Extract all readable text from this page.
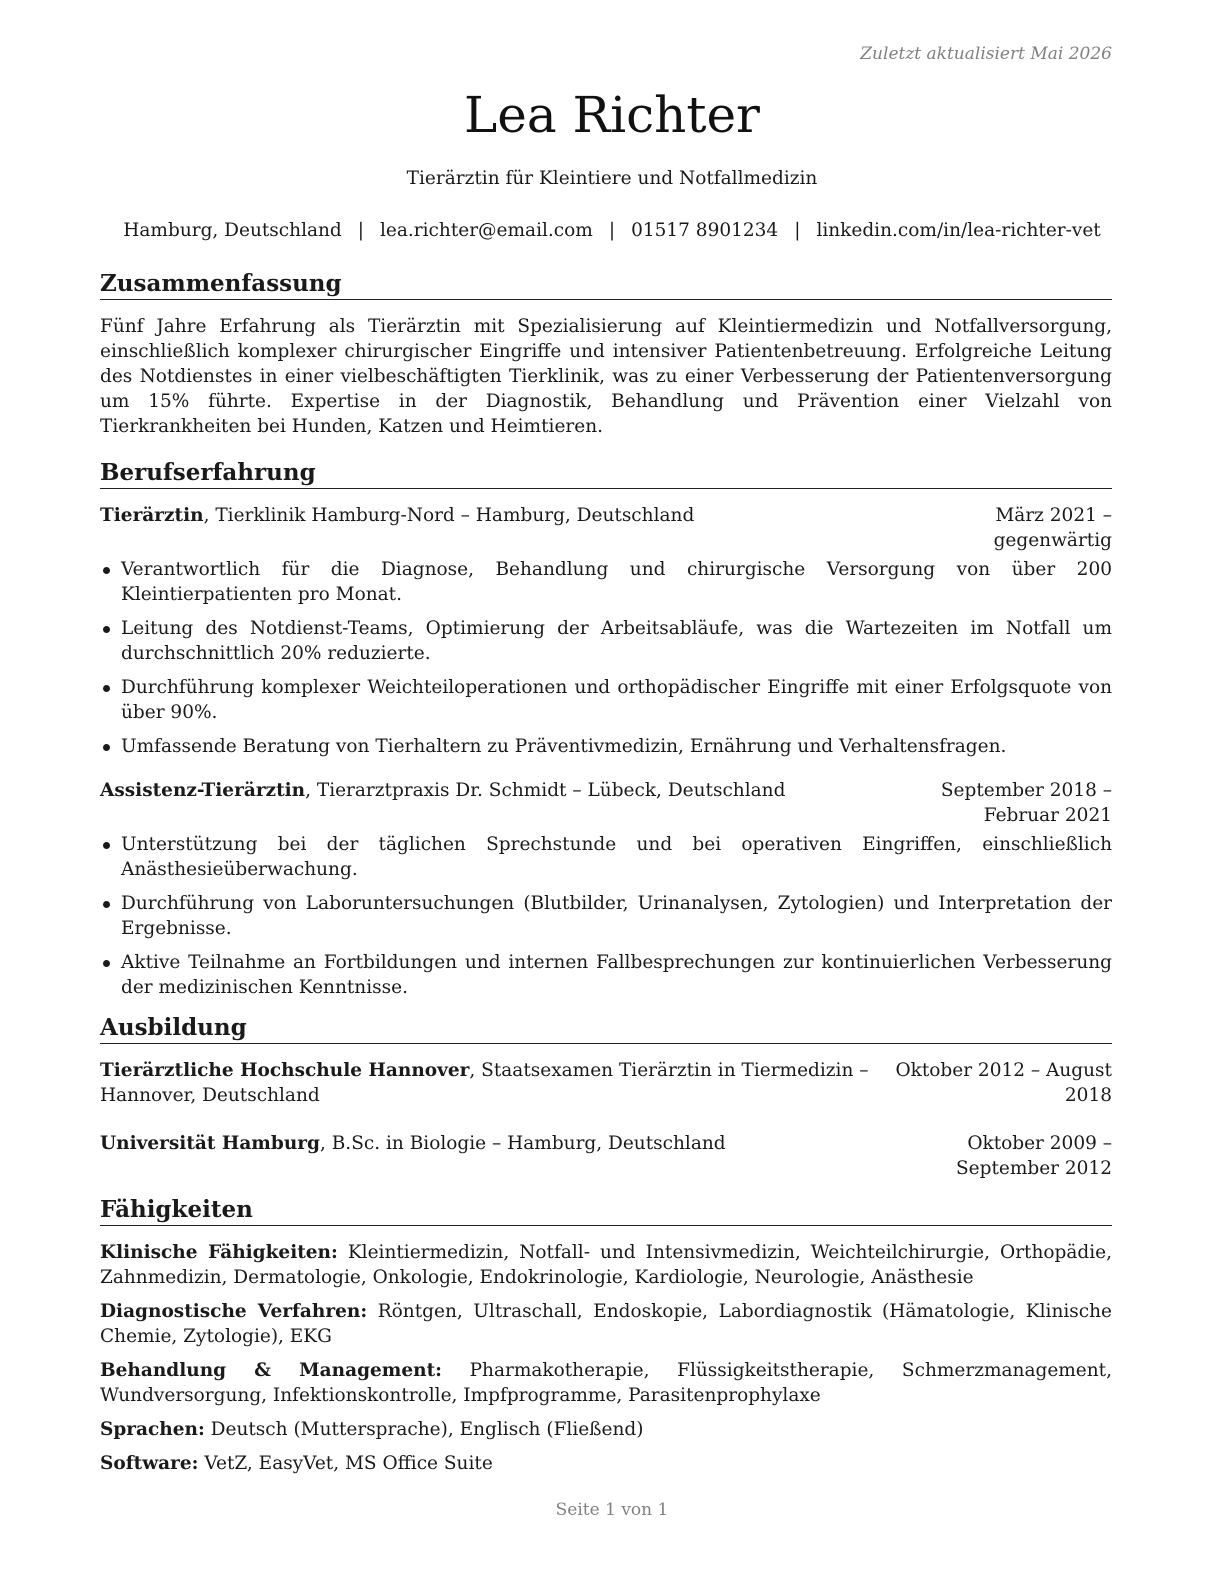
Zuletzt aktualisiert Mai 2026
Lea Richter
Tierärztin für Kleintiere und Notfallmedizin
Hamburg, Deutschland | lea.richter@email.com | 01517 8901234 | linkedin.com/in/lea-richter-vet
Zusammenfassung
Fünf Jahre Erfahrung als Tierärztin mit Spezialisierung auf Kleintiermedizin und Notfallversorgung, einschließlich komplexer chirurgischer Eingriffe und intensiver Patientenbetreuung. Erfolgreiche Leitung des Notdienstes in einer vielbeschäftigten Tierklinik, was zu einer Verbesserung der Patientenversorgung um 15% führte. Expertise in der Diagnostik, Behandlung und Prävention einer Vielzahl von Tierkrankheiten bei Hunden, Katzen und Heimtieren.
Berufserfahrung
Tierärztin, Tierklinik Hamburg-Nord – Hamburg, Deutschland	März 2021 – gegenwärtig
Verantwortlich für die Diagnose, Behandlung und chirurgische Versorgung von über 200 Kleintierpatienten pro Monat.
Leitung des Notdienst-Teams, Optimierung der Arbeitsabläufe, was die Wartezeiten im Notfall um durchschnittlich 20% reduzierte.
Durchführung komplexer Weichteiloperationen und orthopädischer Eingriffe mit einer Erfolgsquote von über 90%.
Umfassende Beratung von Tierhaltern zu Präventivmedizin, Ernährung und Verhaltensfragen.
Assistenz-Tierärztin, Tierarztpraxis Dr. Schmidt – Lübeck, Deutschland	September 2018 – Februar 2021
Unterstützung bei der täglichen Sprechstunde und bei operativen Eingriffen, einschließlich Anästhesieüberwachung.
Durchführung von Laboruntersuchungen (Blutbilder, Urinanalysen, Zytologien) und Interpretation der Ergebnisse.
Aktive Teilnahme an Fortbildungen und internen Fallbesprechungen zur kontinuierlichen Verbesserung der medizinischen Kenntnisse.
Ausbildung
Tierärztliche Hochschule Hannover, Staatsexamen Tierärztin in Tiermedizin – Hannover, Deutschland
Oktober 2012 – August 2018
Universität Hamburg, B.Sc. in Biologie – Hamburg, Deutschland	Oktober 2009 – September 2012
Fähigkeiten
Klinische Fähigkeiten: Kleintiermedizin, Notfall- und Intensivmedizin, Weichteilchirurgie, Orthopädie, Zahnmedizin, Dermatologie, Onkologie, Endokrinologie, Kardiologie, Neurologie, Anästhesie
Diagnostische Verfahren: Röntgen, Ultraschall, Endoskopie, Labordiagnostik (Hämatologie, Klinische Chemie, Zytologie), EKG
Behandlung & Management: Pharmakotherapie, Flüssigkeitstherapie, Schmerzmanagement, Wundversorgung, Infektionskontrolle, Impfprogramme, Parasitenprophylaxe
Sprachen: Deutsch (Muttersprache), Englisch (Fließend)
Software: VetZ, EasyVet, MS Office Suite
Seite 1 von 1
